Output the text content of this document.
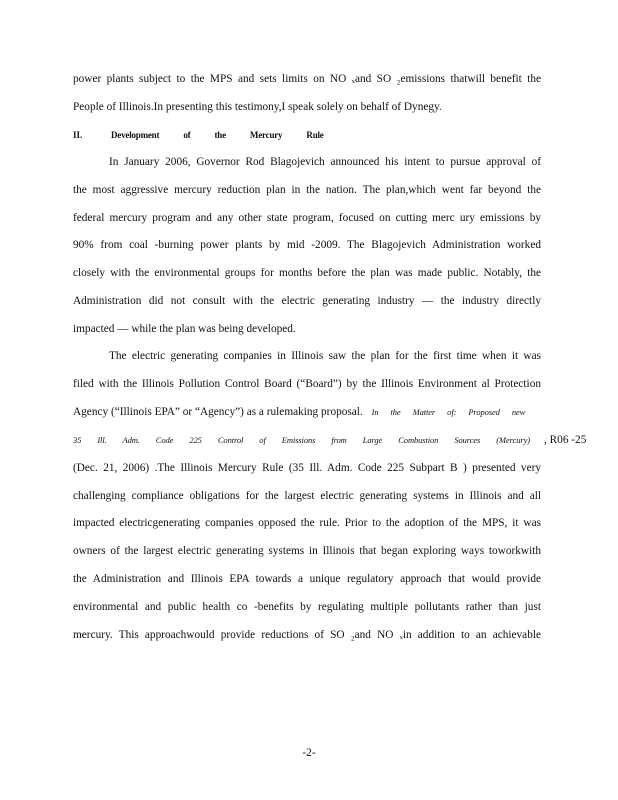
power plants subject to the MPS and sets limits on NO ₓand SO ₂emissions thatwill benefit the
People of Illinois.In presenting this testimony,I speak solely on behalf of Dynegy.
II.	Development of the Mercury Rule
In January 2006, Governor Rod Blagojevich announced his intent to pursue approval of
the most aggressive mercury reduction plan in the nation. The plan,which went far beyond the
federal mercury program and any other state program, focused on cutting merc ury emissions by
90% from coal -burning power plants by mid -2009. The Blagojevich Administration worked
closely with the environmental groups for months before the plan was made public. Notably, the
Administration did not consult with the electric generating industry — the industry directly
impacted — while the plan was being developed.
The electric generating companies in Illinois saw the plan for the first time when it was
filed with the Illinois Pollution Control Board (“Board”) by the Illinois Environment al Protection
Agency (“Illinois EPA” or “Agency”) as a rulemaking proposal. In the Matter of: Proposed new
35 Ill. Adm. Code 225 Control of Emissions from Large Combustion Sources (Mercury) , R06 -25
(Dec. 21, 2006) .The Illinois Mercury Rule (35 Ill. Adm. Code 225 Subpart B ) presented very
challenging compliance obligations for the largest electric generating systems in Illinois and all
impacted electricgenerating companies opposed the rule. Prior to the adoption of the MPS, it was
owners of the largest electric generating systems in Illinois that began exploring ways toworkwith
the Administration and Illinois EPA towards a unique regulatory approach that would provide
environmental and public health co -benefits by regulating multiple pollutants rather than just
mercury. This approachwould provide reductions of SO ₂and NO ₓin addition to an achievable
-2-
